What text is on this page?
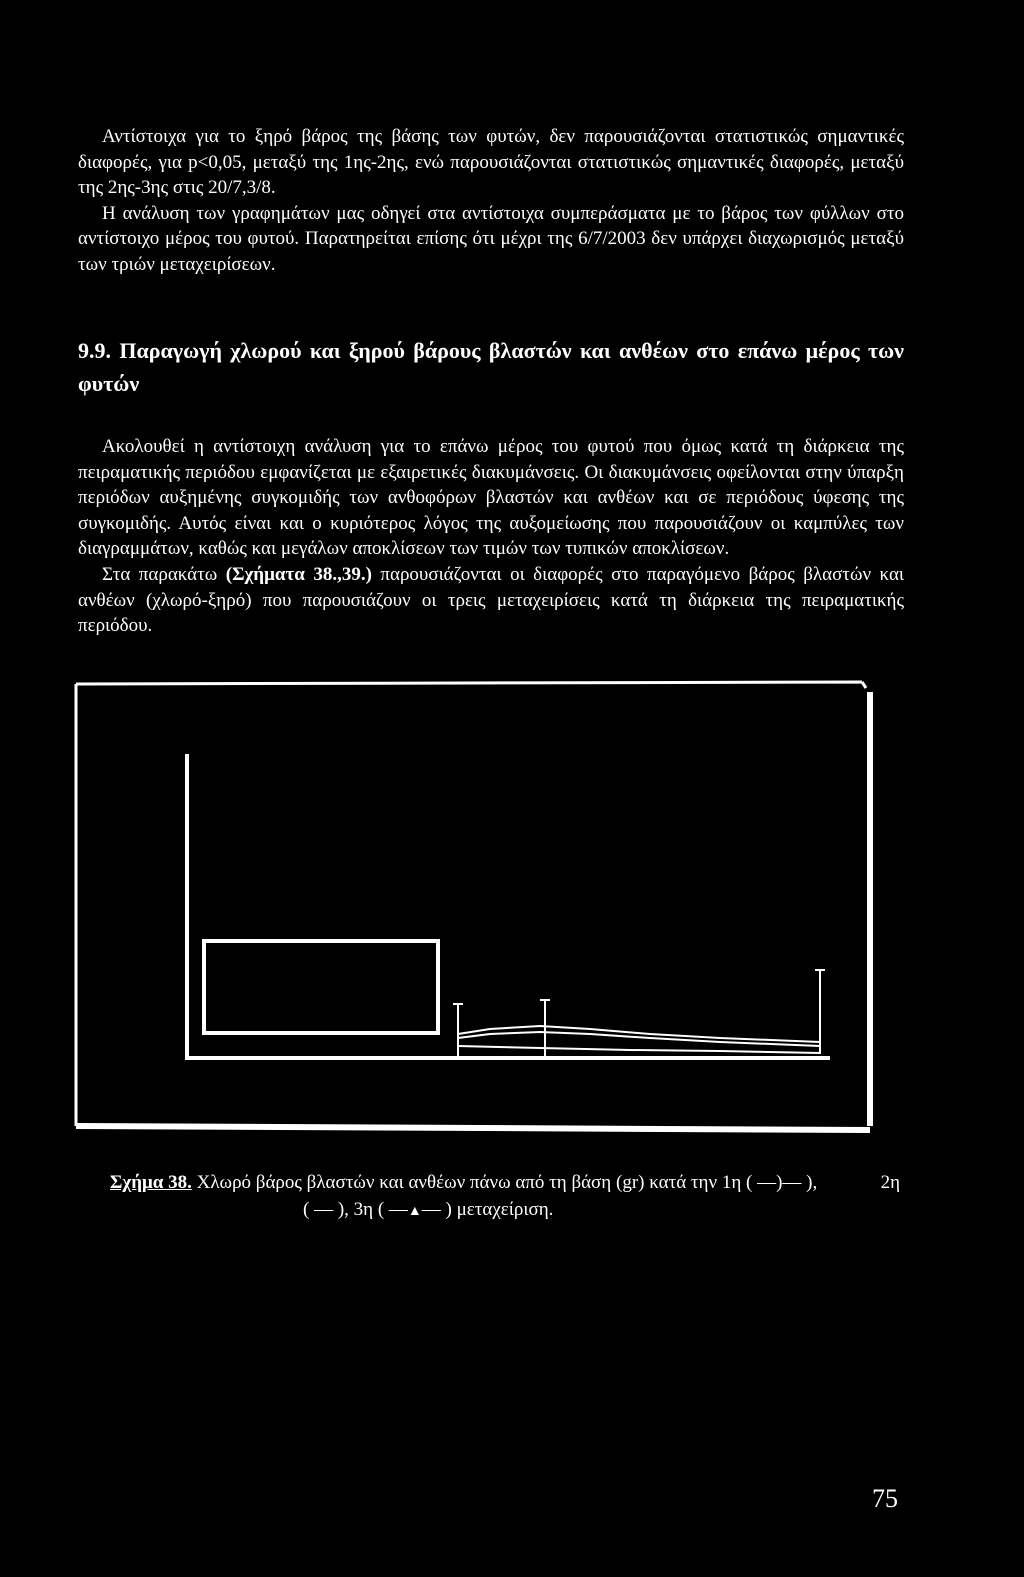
Αντίστοιχα για το ξηρό βάρος της βάσης των φυτών, δεν παρουσιάζονται στατιστικώς σημαντικές διαφορές, για p<0,05, μεταξύ της 1ης-2ης, ενώ παρουσιάζονται στατιστικώς σημαντικές διαφορές, μεταξύ της 2ης-3ης στις 20/7,3/8.

Η ανάλυση των γραφημάτων μας οδηγεί στα αντίστοιχα συμπεράσματα με το βάρος των φύλλων στο αντίστοιχο μέρος του φυτού. Παρατηρείται επίσης ότι μέχρι της 6/7/2003 δεν υπάρχει διαχωρισμός μεταξύ των τριών μεταχειρίσεων.

9.9. Παραγωγή χλωρού και ξηρού βάρους βλαστών και ανθέων στο επάνω μέρος των φυτών

Ακολουθεί η αντίστοιχη ανάλυση για το επάνω μέρος του φυτού που όμως κατά τη διάρκεια της πειραματικής περιόδου εμφανίζεται με εξαιρετικές διακυμάνσεις. Οι διακυμάνσεις οφείλονται στην ύπαρξη περιόδων αυξημένης συγκομιδής των ανθοφόρων βλαστών και ανθέων και σε περιόδους ύφεσης της συγκομιδής. Αυτός είναι και ο κυριότερος λόγος της αυξομείωσης που παρουσιάζουν οι καμπύλες των διαγραμμάτων, καθώς και μεγάλων αποκλίσεων των τιμών των τυπικών αποκλίσεων.

Στα παρακάτω (Σχήματα 38.,39.) παρουσιάζονται οι διαφορές στο παραγόμενο βάρος βλαστών και ανθέων (χλωρό-ξηρό) που παρουσιάζουν οι τρεις μεταχειρίσεις κατά τη διάρκεια της πειραματικής περιόδου.

Σχήμα 38. Χλωρό βάρος βλαστών και ανθέων πάνω από τη βάση (gr) κατά την 1η ( —)— ),	2η
( — ), 3η ( —▲— ) μεταχείριση.
75
